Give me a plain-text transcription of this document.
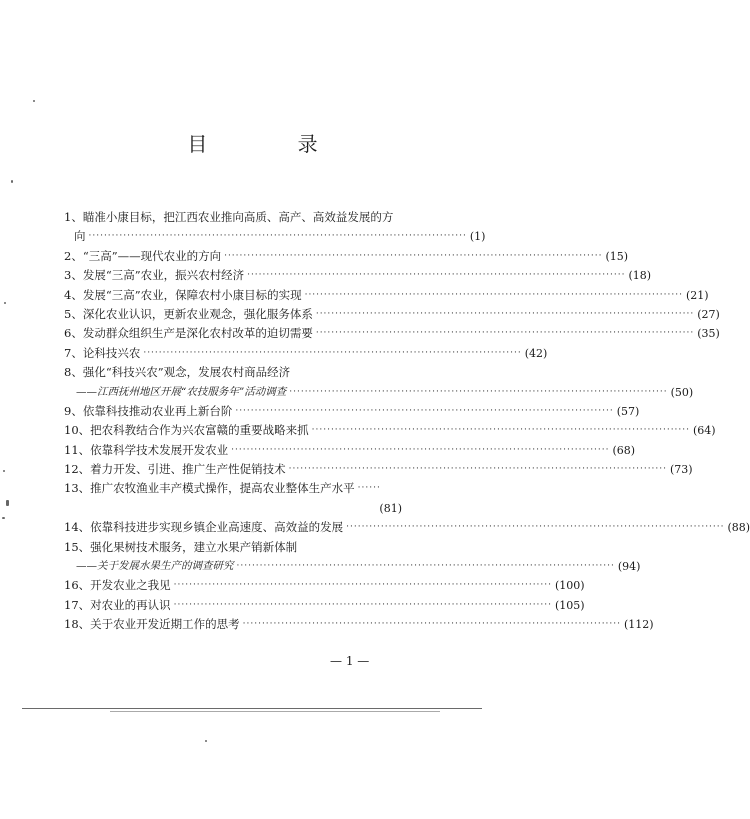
目 录
1、瞄准小康目标，把江西农业推向高质、高产、高效益发展的方
向 ·································································································· (1)
2、“三高”——现代农业的方向 ·································································································· (15)
3、发展“三高”农业，振兴农村经济 ·································································································· (18)
4、发展“三高”农业，保障农村小康目标的实现 ·································································································· (21)
5、深化农业认识，更新农业观念，强化服务体系 ·································································································· (27)
6、发动群众组织生产是深化农村改革的迫切需要 ·································································································· (35)
7、论科技兴农 ·································································································· (42)
8、强化“科技兴农”观念，发展农村商品经济
——江西抚州地区开展“农技服务年”活动调查 ·································································································· (50)
9、依靠科技推动农业再上新台阶 ·································································································· (57)
10、把农科教结合作为兴农富赣的重要战略来抓 ·································································································· (64)
11、依靠科学技术发展开发农业 ·································································································· (68)
12、着力开发、引进、推广生产性促销技术 ·································································································· (73)
13、推广农牧渔业丰产模式操作，提高农业整体生产水平 ······
(81)
14、依靠科技进步实现乡镇企业高速度、高效益的发展 ·································································································· (88)
15、强化果树技术服务，建立水果产销新体制
——关于发展水果生产的调查研究 ·································································································· (94)
16、开发农业之我见 ·································································································· (100)
17、对农业的再认识 ·································································································· (105)
18、关于农业开发近期工作的思考 ·································································································· (112)
— 1 —
